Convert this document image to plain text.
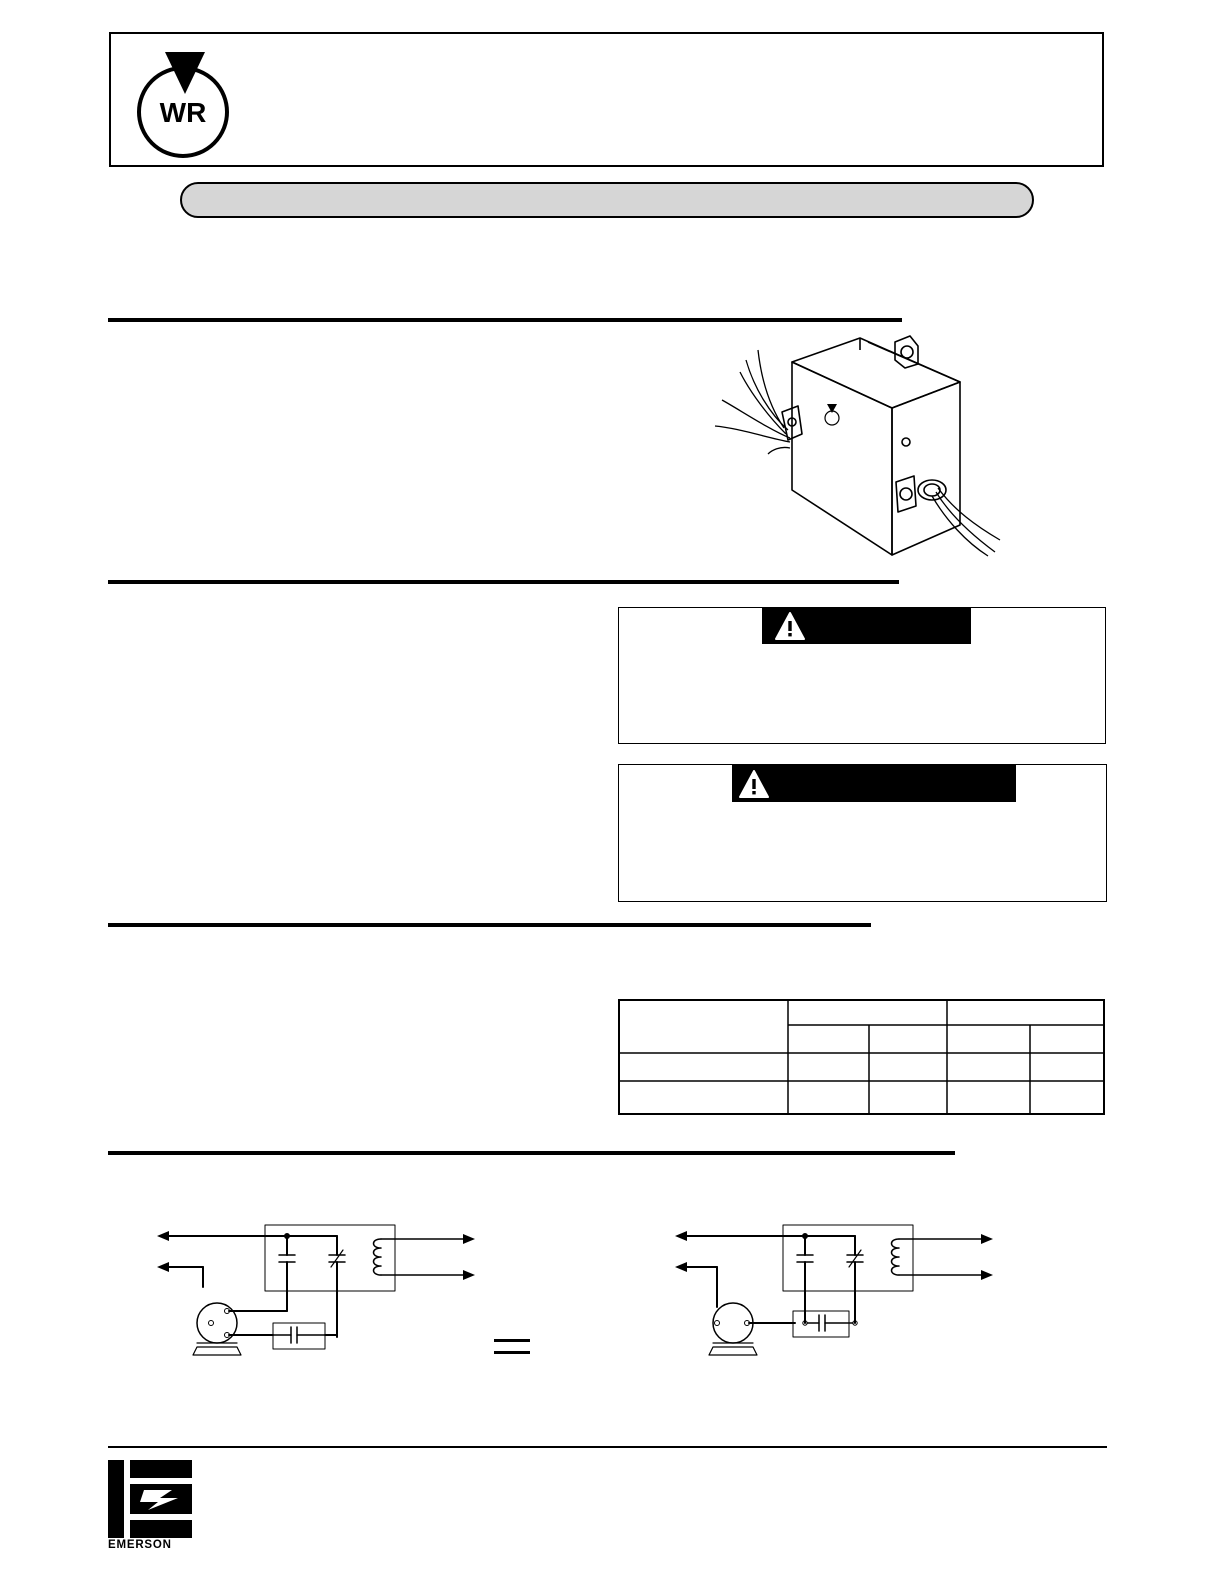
WR
EMERSON
